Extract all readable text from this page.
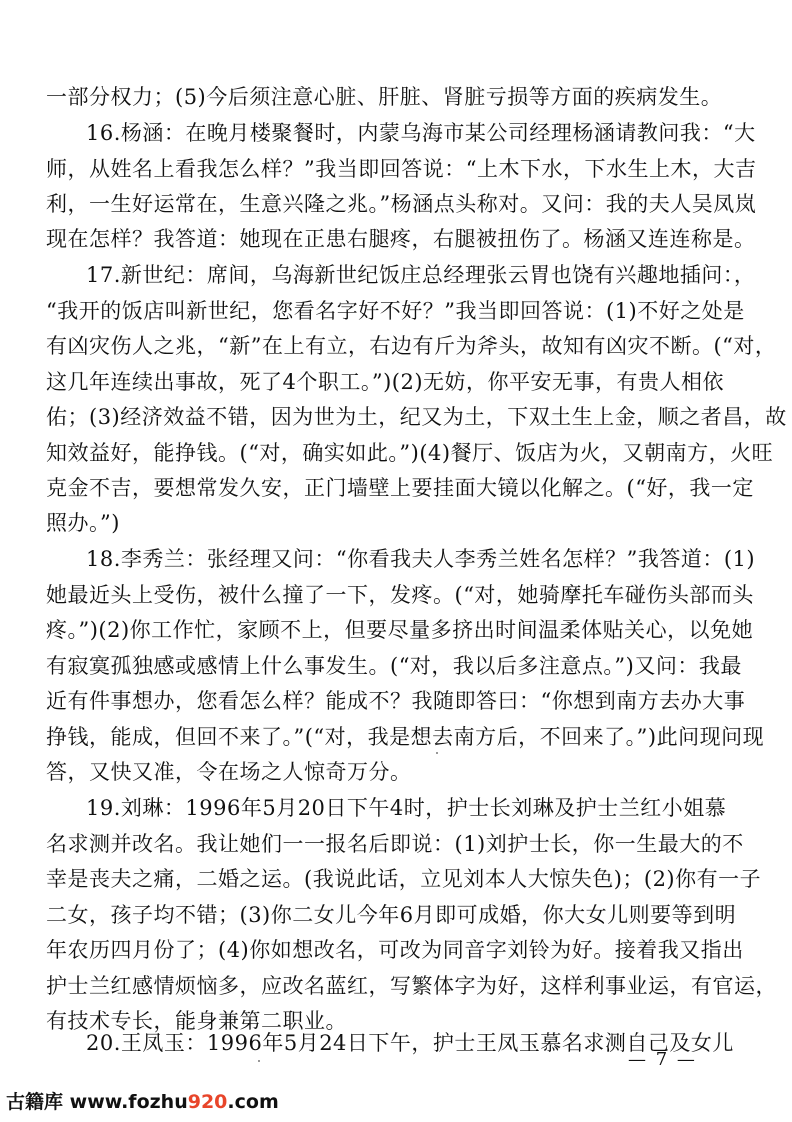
一部分权力；(5)今后须注意心脏、肝脏、肾脏亏损等方面的疾病发生。
16.杨涵：在晚月楼聚餐时，内蒙乌海市某公司经理杨涵请教问我：“大
师，从姓名上看我怎么样？”我当即回答说：“上木下水，下水生上木，大吉
利，一生好运常在，生意兴隆之兆。”杨涵点头称对。又问：我的夫人吴凤岚
现在怎样？我答道：她现在正患右腿疼，右腿被扭伤了。杨涵又连连称是。
17.新世纪：席间，乌海新世纪饭庄总经理张云胃也饶有兴趣地插问：，
“我开的饭店叫新世纪，您看名字好不好？”我当即回答说：(1)不好之处是
有凶灾伤人之兆，“新”在上有立，右边有斤为斧头，故知有凶灾不断。(“对，
这几年连续出事故，死了4个职工。”)(2)无妨，你平安无事，有贵人相依
佑；(3)经济效益不错，因为世为土，纪又为土，下双土生上金，顺之者昌，故
知效益好，能挣钱。(“对，确实如此。”)(4)餐厅、饭店为火，又朝南方，火旺
克金不吉，要想常发久安，正门墙壁上要挂面大镜以化解之。(“好，我一定
照办。”)
18.李秀兰：张经理又问：“你看我夫人李秀兰姓名怎样？”我答道：(1)
她最近头上受伤，被什么撞了一下，发疼。(“对，她骑摩托车碰伤头部而头
疼。”)(2)你工作忙，家顾不上，但要尽量多挤出时间温柔体贴关心，以免她
有寂寞孤独感或感情上什么事发生。(“对，我以后多注意点。”)又问：我最
近有件事想办，您看怎么样？能成不？我随即答曰：“你想到南方去办大事
挣钱，能成，但回不来了。”(“对，我是想去南方后，不回来了。”)此问现问现
答，又快又准，令在场之人惊奇万分。
19.刘琳：1996年5月20日下午4时，护士长刘琳及护士兰红小姐慕
名求测并改名。我让她们一一报名后即说：(1)刘护士长，你一生最大的不
幸是丧夫之痛，二婚之运。(我说此话，立见刘本人大惊失色)；(2)你有一子
二女，孩子均不错；(3)你二女儿今年6月即可成婚，你大女儿则要等到明
年农历四月份了；(4)你如想改名，可改为同音字刘铃为好。接着我又指出
护士兰红感情烦恼多，应改名蓝红，写繁体字为好，这样利事业运，有官运，
有技术专长，能身兼第二职业。
20.王凤玉：1996年5月24日下午，护士王凤玉慕名求测自己及女儿
— 7 —
古籍库 www.fozhu920.com
